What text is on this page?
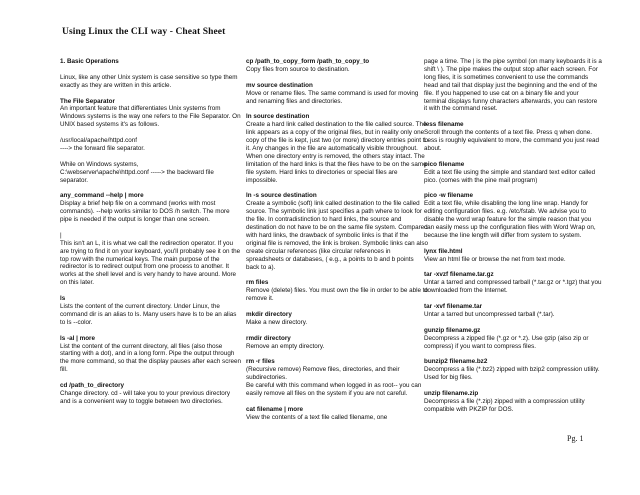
Using Linux the CLI way - Cheat Sheet
1. Basic Operations
Linux, like any other Unix system is case sensitive so type them exactly as they are written in this article.
The File Separator
An important feature that differentiates Unix systems from Windows systems is the way one refers to the File Separator. On UNIX based systems it's as follows.
/usr/local/apache/httpd.conf
----> the forward file separator.
While on Windows systems,
C:\webserver\apache\httpd.conf -----> the backward file separator.
any_command --help | more
Display a brief help file on a command (works with most commands). --help works similar to DOS /h switch. The more pipe is needed if the output is longer than one screen.
|
This isn't an L, it is what we call the redirection operator. If you are trying to find it on your keyboard, you'll probably see it on the top row with the numerical keys. The main purpose of the redirector is to redirect output from one process to another. It works at the shell level and is very handy to have around. More on this later.
ls
Lists the content of the current directory. Under Linux, the command dir is an alias to ls. Many users have ls to be an alias to ls --color.
ls -al | more
List the content of the current directory, all files (also those starting with a dot), and in a long form. Pipe the output through the more command, so that the display pauses after each screen fill.
cd /path_to_directory
Change directory. cd - will take you to your previous directory and is a convenient way to toggle between two directories.
cp /path_to_copy_form /path_to_copy_to
Copy files from source to destination.
mv source destination
Move or rename files. The same command is used for moving and renaming files and directories.
ln source destination
Create a hard link called destination to the file called source. The link appears as a copy of the original files, but in reality only one copy of the file is kept, just two (or more) directory entries point to it. Any changes in the file are automatically visible throughout. When one directory entry is removed, the others stay intact. The limitation of the hard links is that the files have to be on the same file system. Hard links to directories or special files are impossible.
ln -s source destination
Create a symbolic (soft) link called destination to the file called source. The symbolic link just specifies a path where to look for the file. In contradistinction to hard links, the source and destination do not have to be on the same file system. Compared with hard links, the drawback of symbolic links is that if the original file is removed, the link is broken. Symbolic links can also create circular references (like circular references in spreadsheets or databases, ( e.g., a points to b and b points back to a).
rm files
Remove (delete) files. You must own the file in order to be able to remove it.
mkdir directory
Make a new directory.
rmdir directory
Remove an empty directory.
rm -r files
(Recursive remove) Remove files, directories, and their subdirectories.
Be careful with this command when logged in as root-- you can easily remove all files on the system if you are not careful.
cat filename | more
View the contents of a text file called filename, one
page a time. The | is the pipe symbol (on many keyboards it is a shift \ ). The pipe makes the output stop after each screen. For long files, it is sometimes convenient to use the commands head and tail that display just the beginning and the end of the file. If you happened to use cat on a binary file and your terminal displays funny characters afterwards, you can restore it with the command reset.
less filename
Scroll through the contents of a text file. Press q when done. Less is roughly equivalent to more, the command you just read about.
pico filename
Edit a text file using the simple and standard text editor called pico. (comes with the pine mail program)
pico -w filename
Edit a text file, while disabling the long line wrap. Handy for editing configuration files. e.g. /etc/fstab. We advise you to disable the word wrap feature for the simple reason that you can easily mess up the configuration files with Word Wrap on, because the line length will differ from system to system.
lynx file.html
View an html file or browse the net from text mode.
tar -xvzf filename.tar.gz
Untar a tarred and compressed tarball (*.tar.gz or *.tgz) that you downloaded from the Internet.
tar -xvf filename.tar
Untar a tarred but uncompressed tarball (*.tar).
gunzip filename.gz
Decompress a zipped file (*.gz or *.z). Use gzip (also zip or compress) if you want to compress files.
bunzip2 filename.bz2
Decompress a file (*.bz2) zipped with bzip2 compression utility. Used for big files.
unzip filename.zip
Decompress a file (*.zip) zipped with a compression utility compatible with PKZIP for DOS.
Pg. 1
